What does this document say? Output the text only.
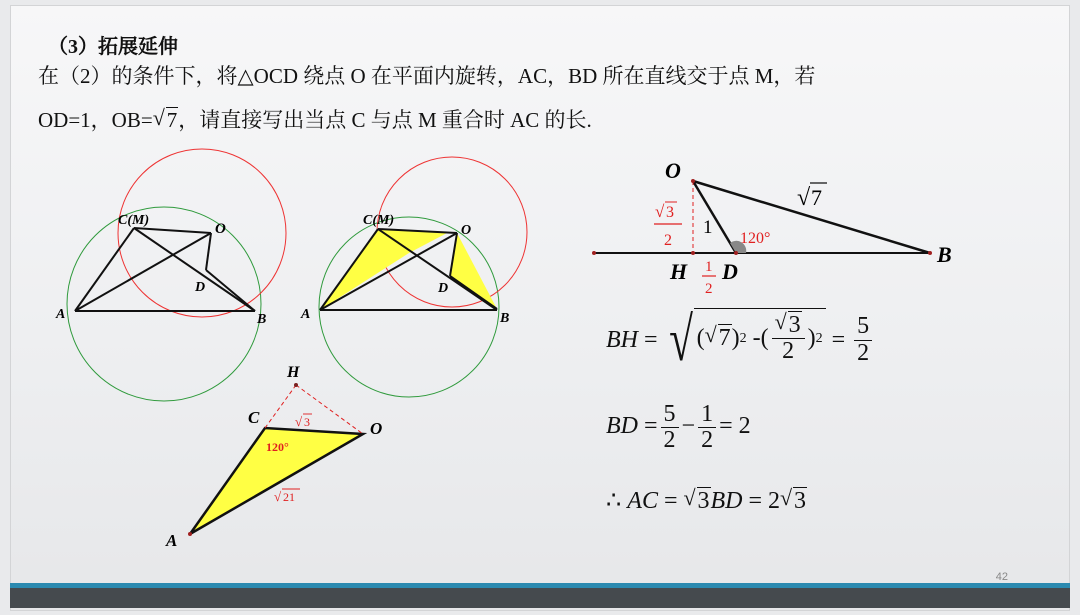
（3）拓展延伸
在（2）的条件下，将△OCD 绕点 O 在平面内旋转，AC，BD 所在直线交于点 M，若
OD=1，OB= √ 7，请直接写出当点 C 与点 M 重合时 AC 的长.
C(M)
O
D
A	B
C(M)
O
D
A	B
H
C
O
A
120°
√ 3
√ 21
O
B
H D
1
120°
√ 7
√ 3
2
1
2
BH = √ ( √ 7 ) 2 -( $\frac{√ 3}{2}$ ) $2 = \frac{5}{2}$
BD = $\frac{5}{2} - \frac{1}{2} = 2$
∴ AC = √ 3BD = 2 √ 3
42
